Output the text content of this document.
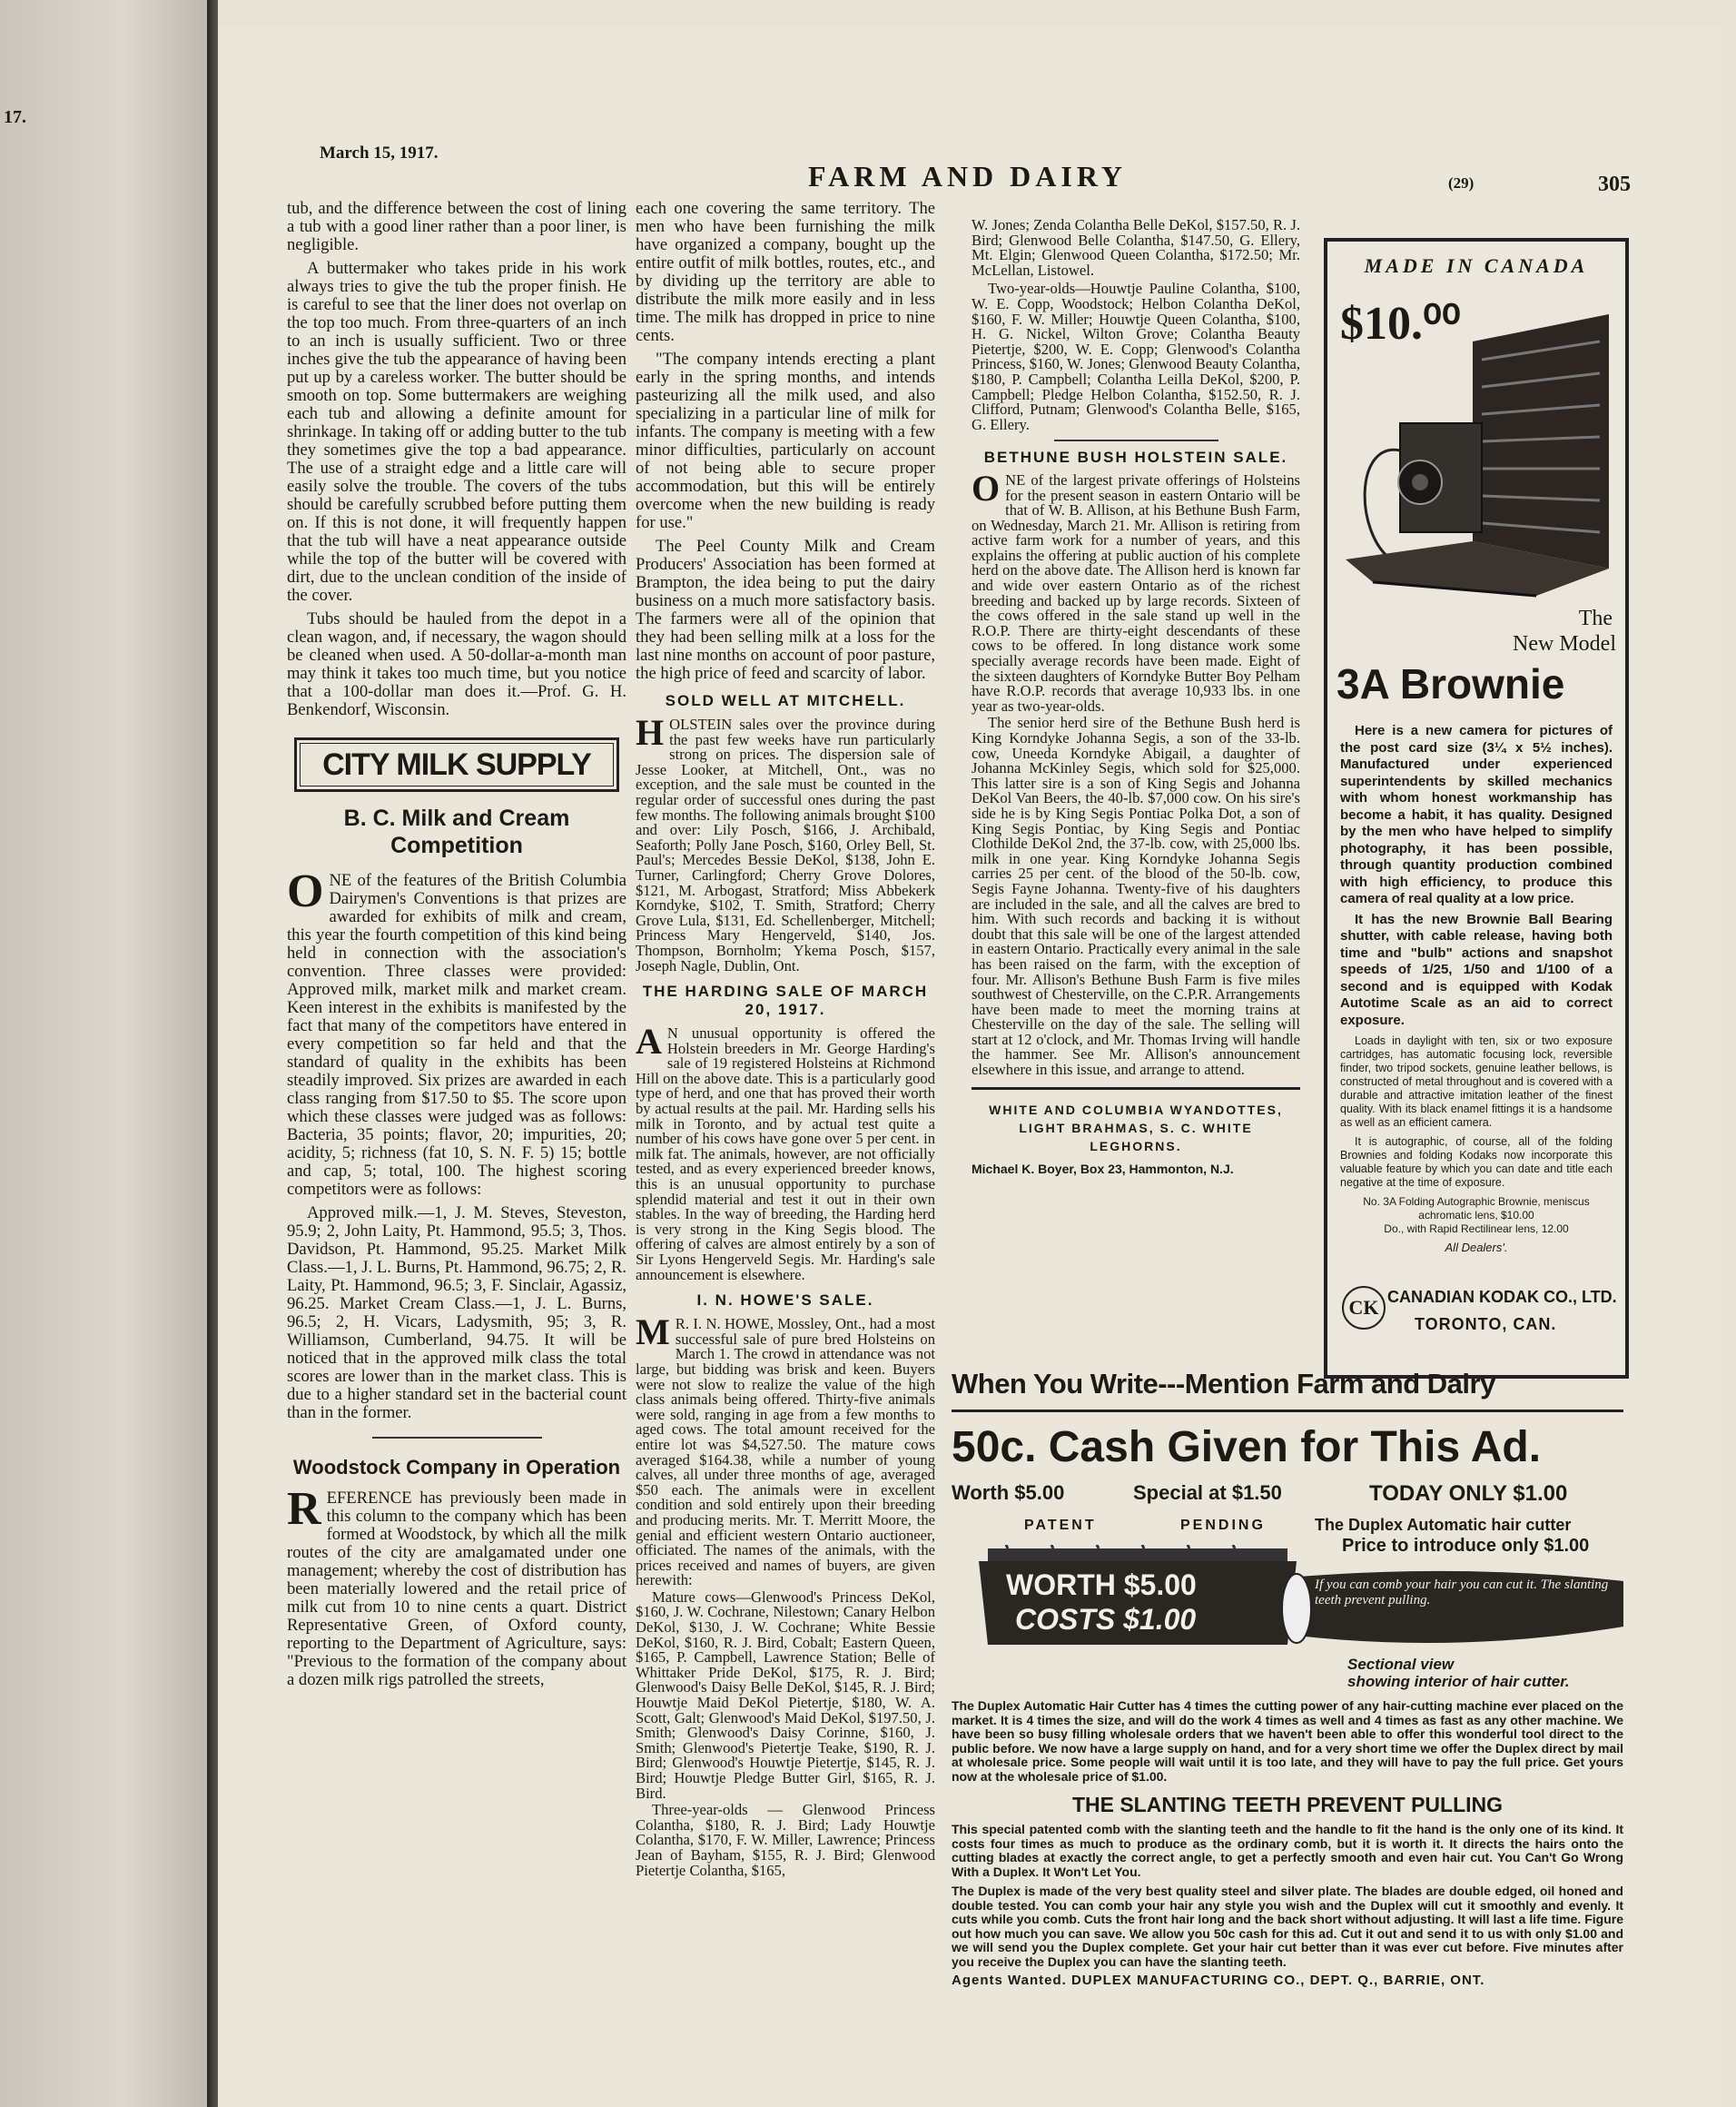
17.
March 15, 1917.
FARM AND DAIRY	(29)	305

tub, and the difference between the cost of lining a tub with a good liner rather than a poor liner, is negligible.

A buttermaker who takes pride in his work always tries to give the tub the proper finish. He is careful to see that the liner does not overlap on the top too much. From three-quarters of an inch to an inch is usually sufficient. Two or three inches give the tub the appearance of having been put up by a careless worker. The butter should be smooth on top. Some buttermakers are weighing each tub and allowing a definite amount for shrinkage. In taking off or adding butter to the tub they sometimes give the top a bad appearance. The use of a straight edge and a little care will easily solve the trouble. The covers of the tubs should be carefully scrubbed before putting them on. If this is not done, it will frequently happen that the tub will have a neat appearance outside while the top of the butter will be covered with dirt, due to the unclean condition of the inside of the cover.

Tubs should be hauled from the depot in a clean wagon, and, if necessary, the wagon should be cleaned when used. A 50-dollar-a-month man may think it takes too much time, but you notice that a 100-dollar man does it.—Prof. G. H. Benkendorf, Wisconsin.

CITY MILK SUPPLY
B. C. Milk and Cream Competition

ONE of the features of the British Columbia Dairymen's Conventions is that prizes are awarded for exhibits of milk and cream, this year the fourth competition of this kind being held in connection with the association's convention. Three classes were provided: Approved milk, market milk and market cream. Keen interest in the exhibits is manifested by the fact that many of the competitors have entered in every competition so far held and that the standard of quality in the exhibits has been steadily improved. Six prizes are awarded in each class ranging from $17.50 to $5. The score upon which these classes were judged was as follows: Bacteria, 35 points; flavor, 20; impurities, 20; acidity, 5; richness (fat 10, S. N. F. 5) 15; bottle and cap, 5; total, 100. The highest scoring competitors were as follows:

Approved milk.—1, J. M. Steves, Steveston, 95.9; 2, John Laity, Pt. Hammond, 95.5; 3, Thos. Davidson, Pt. Hammond, 95.25. Market Milk Class.—1, J. L. Burns, Pt. Hammond, 96.75; 2, R. Laity, Pt. Hammond, 96.5; 3, F. Sinclair, Agassiz, 96.25. Market Cream Class.—1, J. L. Burns, 96.5; 2, H. Vicars, Ladysmith, 95; 3, R. Williamson, Cumberland, 94.75. It will be noticed that in the approved milk class the total scores are lower than in the market class. This is due to a higher standard set in the bacterial count than in the former.

Woodstock Company in Operation

REFERENCE has previously been made in this column to the company which has been formed at Woodstock, by which all the milk routes of the city are amalgamated under one management; whereby the cost of distribution has been materially lowered and the retail price of milk cut from 10 to nine cents a quart. District Representative Green, of Oxford county, reporting to the Department of Agriculture, says: "Previous to the formation of the company about a dozen milk rigs patrolled the streets,

each one covering the same territory. The men who have been furnishing the milk have organized a company, bought up the entire outfit of milk bottles, routes, etc., and by dividing up the territory are able to distribute the milk more easily and in less time. The milk has dropped in price to nine cents.

"The company intends erecting a plant early in the spring months, and intends pasteurizing all the milk used, and also specializing in a particular line of milk for infants. The company is meeting with a few minor difficulties, particularly on account of not being able to secure proper accommodation, but this will be entirely overcome when the new building is ready for use."

The Peel County Milk and Cream Producers' Association has been formed at Brampton, the idea being to put the dairy business on a much more satisfactory basis. The farmers were all of the opinion that they had been selling milk at a loss for the last nine months on account of poor pasture, the high price of feed and scarcity of labor.

SOLD WELL AT MITCHELL.
HOLSTEIN sales over the province during the past few weeks have run particularly strong on prices. The dispersion sale of Jesse Looker, at Mitchell, Ont., was no exception, and the sale must be counted in the regular order of successful ones during the past few months. The following animals brought $100 and over: Lily Posch, $166, J. Archibald, Seaforth; Polly Jane Posch, $160, Orley Bell, St. Paul's; Mercedes Bessie DeKol, $138, John E. Turner, Carlingford; Cherry Grove Dolores, $121, M. Arbogast, Stratford; Miss Abbekerk Korndyke, $102, T. Smith, Stratford; Cherry Grove Lula, $131, Ed. Schellenberger, Mitchell; Princess Mary Hengerveld, $140, Jos. Thompson, Bornholm; Ykema Posch, $157, Joseph Nagle, Dublin, Ont.
THE HARDING SALE OF MARCH 20, 1917.
A N unusual opportunity is offered the Holstein breeders in Mr. George Harding's sale of 19 registered Holsteins at Richmond Hill on the above date. This is a particularly good type of herd, and one that has proved their worth by actual results at the pail. Mr. Harding sells his milk in Toronto, and by actual test quite a number of his cows have gone over 5 per cent. in milk fat. The animals, however, are not officially tested, and as every experienced breeder knows, this is an unusual opportunity to purchase splendid material and test it out in their own stables. In the way of breeding, the Harding herd is very strong in the King Segis blood. The offering of calves are almost entirely by a son of Sir Lyons Hengerveld Segis. Mr. Harding's sale announcement is elsewhere.
I. N. HOWE'S SALE.
M R. I. N. HOWE, Mossley, Ont., had a most successful sale of pure bred Holsteins on March 1. The crowd in attendance was not large, but bidding was brisk and keen. Buyers were not slow to realize the value of the high class animals being offered. Thirty-five animals were sold, ranging in age from a few months to aged cows. The total amount received for the entire lot was $4,527.50. The mature cows averaged $164.38, while a number of young calves, all under three months of age, averaged $50 each. The animals were in excellent condition and sold entirely upon their breeding and producing merits. Mr. T. Merritt Moore, the genial and efficient western Ontario auctioneer, officiated. The names of the animals, with the prices received and names of buyers, are given herewith:
Mature cows—Glenwood's Princess DeKol, $160, J. W. Cochrane, Nilestown; Canary Helbon DeKol, $130, J. W. Cochrane; White Bessie DeKol, $160, R. J. Bird, Cobalt; Eastern Queen, $165, P. Campbell, Lawrence Station; Belle of Whittaker Pride DeKol, $175, R. J. Bird; Glenwood's Daisy Belle DeKol, $145, R. J. Bird; Houwtje Maid DeKol Pietertje, $180, W. A. Scott, Galt; Glenwood's Maid DeKol, $197.50, J. Smith; Glenwood's Daisy Corinne, $160, J. Smith; Glenwood's Pietertje Teake, $190, R. J. Bird; Glenwood's Houwtje Pietertje, $145, R. J. Bird; Houwtje Pledge Butter Girl, $165, R. J. Bird.
Three-year-olds — Glenwood Princess Colantha, $180, R. J. Bird; Lady Houwtje Colantha, $170, F. W. Miller, Lawrence; Princess Jean of Bayham, $155, R. J. Bird; Glenwood Pietertje Colantha, $165,
W. Jones; Zenda Colantha Belle DeKol, $157.50, R. J. Bird; Glenwood Belle Colantha, $147.50, G. Ellery, Mt. Elgin; Glenwood Queen Colantha, $172.50; Mr. McLellan, Listowel.
Two-year-olds—Houwtje Pauline Colantha, $100, W. E. Copp, Woodstock; Helbon Colantha DeKol, $160, F. W. Miller; Houwtje Queen Colantha, $100, H. G. Nickel, Wilton Grove; Colantha Beauty Pietertje, $200, W. E. Copp; Glenwood's Colantha Princess, $160, W. Jones; Glenwood Beauty Colantha, $180, P. Campbell; Colantha Leilla DeKol, $200, P. Campbell; Pledge Helbon Colantha, $152.50, R. J. Clifford, Putnam; Glenwood's Colantha Belle, $165, G. Ellery.
BETHUNE BUSH HOLSTEIN SALE.
ONE of the largest private offerings of Holsteins for the present season in eastern Ontario will be that of W. B. Allison, at his Bethune Bush Farm, on Wednesday, March 21. Mr. Allison is retiring from active farm work for a number of years, and this explains the offering at public auction of his complete herd on the above date. The Allison herd is known far and wide over eastern Ontario as of the richest breeding and backed up by large records. Sixteen of the cows offered in the sale stand up well in the R.O.P. There are thirty-eight descendants of these cows to be offered. In long distance work some specially average records have been made. Eight of the sixteen daughters of Korndyke Butter Boy Pelham have R.O.P. records that average 10,933 lbs. in one year as two-year-olds.
The senior herd sire of the Bethune Bush herd is King Korndyke Johanna Segis, a son of the 33-lb. cow, Uneeda Korndyke Abigail, a daughter of Johanna McKinley Segis, which sold for $25,000. This latter sire is a son of King Segis and Johanna DeKol Van Beers, the 40-lb. $7,000 cow. On his sire's side he is by King Segis Pontiac Polka Dot, a son of King Segis Pontiac, by King Segis and Pontiac Clothilde DeKol 2nd, the 37-lb. cow, with 25,000 lbs. milk in one year. King Korndyke Johanna Segis carries 25 per cent. of the blood of the 50-lb. cow, Segis Fayne Johanna. Twenty-five of his daughters are included in the sale, and all the calves are bred to him. With such records and backing it is without doubt that this sale will be one of the largest attended in eastern Ontario. Practically every animal in the sale has been raised on the farm, with the exception of four. Mr. Allison's Bethune Bush Farm is five miles southwest of Chesterville, on the C.P.R. Arrangements have been made to meet the morning trains at Chesterville on the day of the sale. The selling will start at 12 o'clock, and Mr. Thomas Irving will handle the hammer. See Mr. Allison's announcement elsewhere in this issue, and arrange to attend.
WHITE AND COLUMBIA WYANDOTTES, LIGHT BRAHMAS, S. C. WHITE LEGHORNS.
Michael K. Boyer, Box 23, Hammonton, N.J.
MADE IN CANADA
$10.⁰⁰
The
New Model
3A Brownie
Here is a new camera for pictures of the post card size (3¼ x 5½ inches). Manufactured under experienced superintendents by skilled mechanics with whom honest workmanship has become a habit, it has quality. Designed by the men who have helped to simplify photography, it has been possible, through quantity production combined with high efficiency, to produce this camera of real quality at a low price.
It has the new Brownie Ball Bearing shutter, with cable release, having both time and "bulb" actions and snapshot speeds of 1/25, 1/50 and 1/100 of a second and is equipped with Kodak Autotime Scale as an aid to correct exposure.
Loads in daylight with ten, six or two exposure cartridges, has automatic focusing lock, reversible finder, two tripod sockets, genuine leather bellows, is constructed of metal throughout and is covered with a durable and attractive imitation leather of the finest quality. With its black enamel fittings it is a handsome as well as an efficient camera.
It is autographic, of course, all of the folding Brownies and folding Kodaks now incorporate this valuable feature by which you can date and title each negative at the time of exposure.
No. 3A Folding Autographic Brownie, meniscus achromatic lens, $10.00
Do., with Rapid Rectilinear lens, 12.00
All Dealers'.
CK CANADIAN KODAK CO., LTD.
TORONTO, CAN.
When You Write---Mention Farm and Dairy
50c. Cash Given for This Ad.
Worth $5.00	Special at $1.50	TODAY ONLY $1.00
PATENT	PENDING	The Duplex Automatic hair cutter
Price to introduce only $1.00
WORTH $5.00
COSTS $1.00
If you can comb your hair you can cut it. The slanting teeth prevent pulling.
Sectional view
showing interior of hair cutter.
The Duplex Automatic Hair Cutter has 4 times the cutting power of any hair-cutting machine ever placed on the market. It is 4 times the size, and will do the work 4 times as well and 4 times as fast as any other machine. We have been so busy filling wholesale orders that we haven't been able to offer this wonderful tool direct to the public before. We now have a large supply on hand, and for a very short time we offer the Duplex direct by mail at wholesale price. Some people will wait until it is too late, and they will have to pay the full price. Get yours now at the wholesale price of $1.00.
THE SLANTING TEETH PREVENT PULLING
This special patented comb with the slanting teeth and the handle to fit the hand is the only one of its kind. It costs four times as much to produce as the ordinary comb, but it is worth it. It directs the hairs onto the cutting blades at exactly the correct angle, to get a perfectly smooth and even hair cut. You Can't Go Wrong With a Duplex. It Won't Let You.
The Duplex is made of the very best quality steel and silver plate. The blades are double edged, oil honed and double tested. You can comb your hair any style you wish and the Duplex will cut it smoothly and evenly. It cuts while you comb. Cuts the front hair long and the back short without adjusting. It will last a life time. Figure out how much you can save. We allow you 50c cash for this ad. Cut it out and send it to us with only $1.00 and we will send you the Duplex complete. Get your hair cut better than it was ever cut before. Five minutes after you receive the Duplex you can have the slanting teeth.
Agents Wanted. DUPLEX MANUFACTURING CO., DEPT. Q., BARRIE, ONT.
